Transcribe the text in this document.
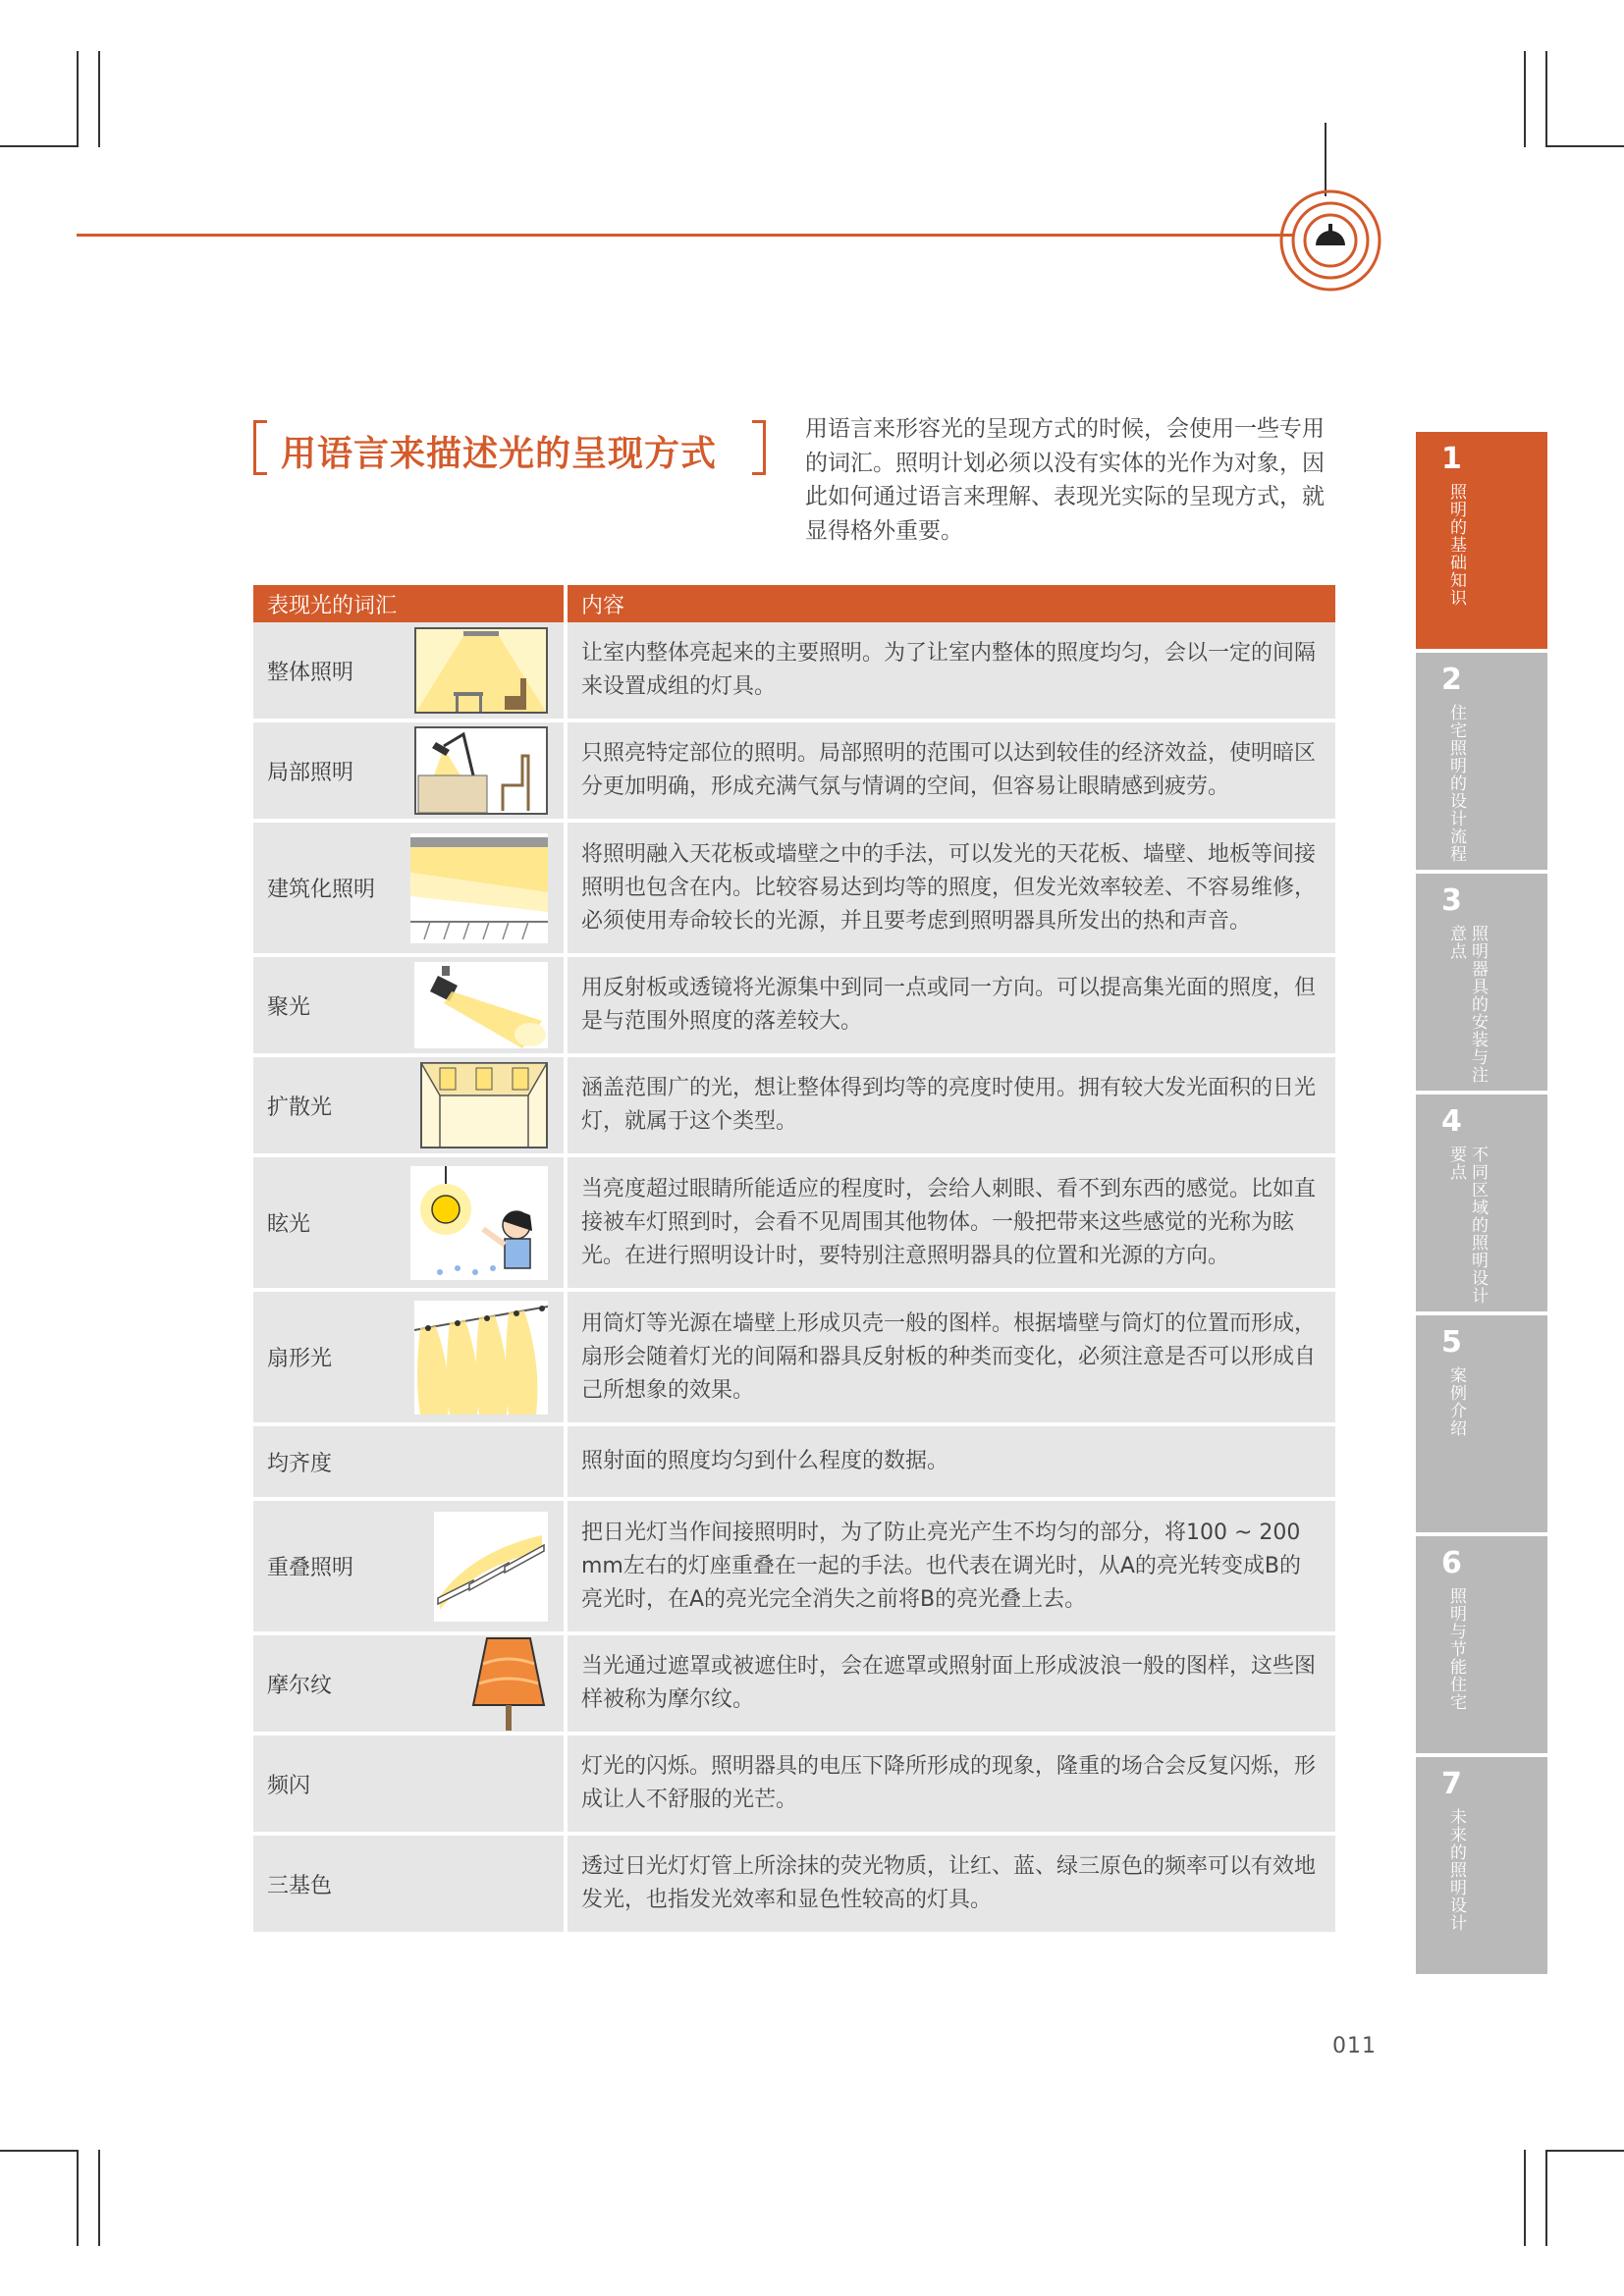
用语言来描述光的呈现方式
用语言来形容光的呈现方式的时候，会使用一些专用的词汇。照明计划必须以没有实体的光作为对象，因此如何通过语言来理解、表现光实际的呈现方式，就显得格外重要。
表现光的词汇	内容
整体照明	让室内整体亮起来的主要照明。为了让室内整体的照度均匀，会以一定的间隔来设置成组的灯具。
局部照明	只照亮特定部位的照明。局部照明的范围可以达到较佳的经济效益，使明暗区分更加明确，形成充满气氛与情调的空间，但容易让眼睛感到疲劳。
建筑化照明	将照明融入天花板或墙壁之中的手法，可以发光的天花板、墙壁、地板等间接照明也包含在内。比较容易达到均等的照度，但发光效率较差、不容易维修，必须使用寿命较长的光源，并且要考虑到照明器具所发出的热和声音。
聚光	用反射板或透镜将光源集中到同一点或同一方向。可以提高集光面的照度，但是与范围外照度的落差较大。
扩散光	涵盖范围广的光，想让整体得到均等的亮度时使用。拥有较大发光面积的日光灯，就属于这个类型。
眩光	当亮度超过眼睛所能适应的程度时，会给人刺眼、看不到东西的感觉。比如直接被车灯照到时，会看不见周围其他物体。一般把带来这些感觉的光称为眩光。在进行照明设计时，要特别注意照明器具的位置和光源的方向。
扇形光	用筒灯等光源在墙壁上形成贝壳一般的图样。根据墙壁与筒灯的位置而形成，扇形会随着灯光的间隔和器具反射板的种类而变化，必须注意是否可以形成自己所想象的效果。
均齐度	照射面的照度均匀到什么程度的数据。
重叠照明	把日光灯当作间接照明时，为了防止亮光产生不均匀的部分，将100 ~ 200 mm左右的灯座重叠在一起的手法。也代表在调光时，从A的亮光转变成B的亮光时，在A的亮光完全消失之前将B的亮光叠上去。
摩尔纹	当光通过遮罩或被遮住时，会在遮罩或照射面上形成波浪一般的图样，这些图样被称为摩尔纹。
频闪	灯光的闪烁。照明器具的电压下降所形成的现象，隆重的场合会反复闪烁，形成让人不舒服的光芒。
三基色	透过日光灯灯管上所涂抹的荧光物质，让红、蓝、绿三原色的频率可以有效地发光，也指发光效率和显色性较高的灯具。
011
1
照明的基础知识
2
住宅照明的设计流程
3
照明器具的安装与注意点
4
不同区域的照明设计要点
5
案例介绍
6
照明与节能住宅
7
未来的照明设计
